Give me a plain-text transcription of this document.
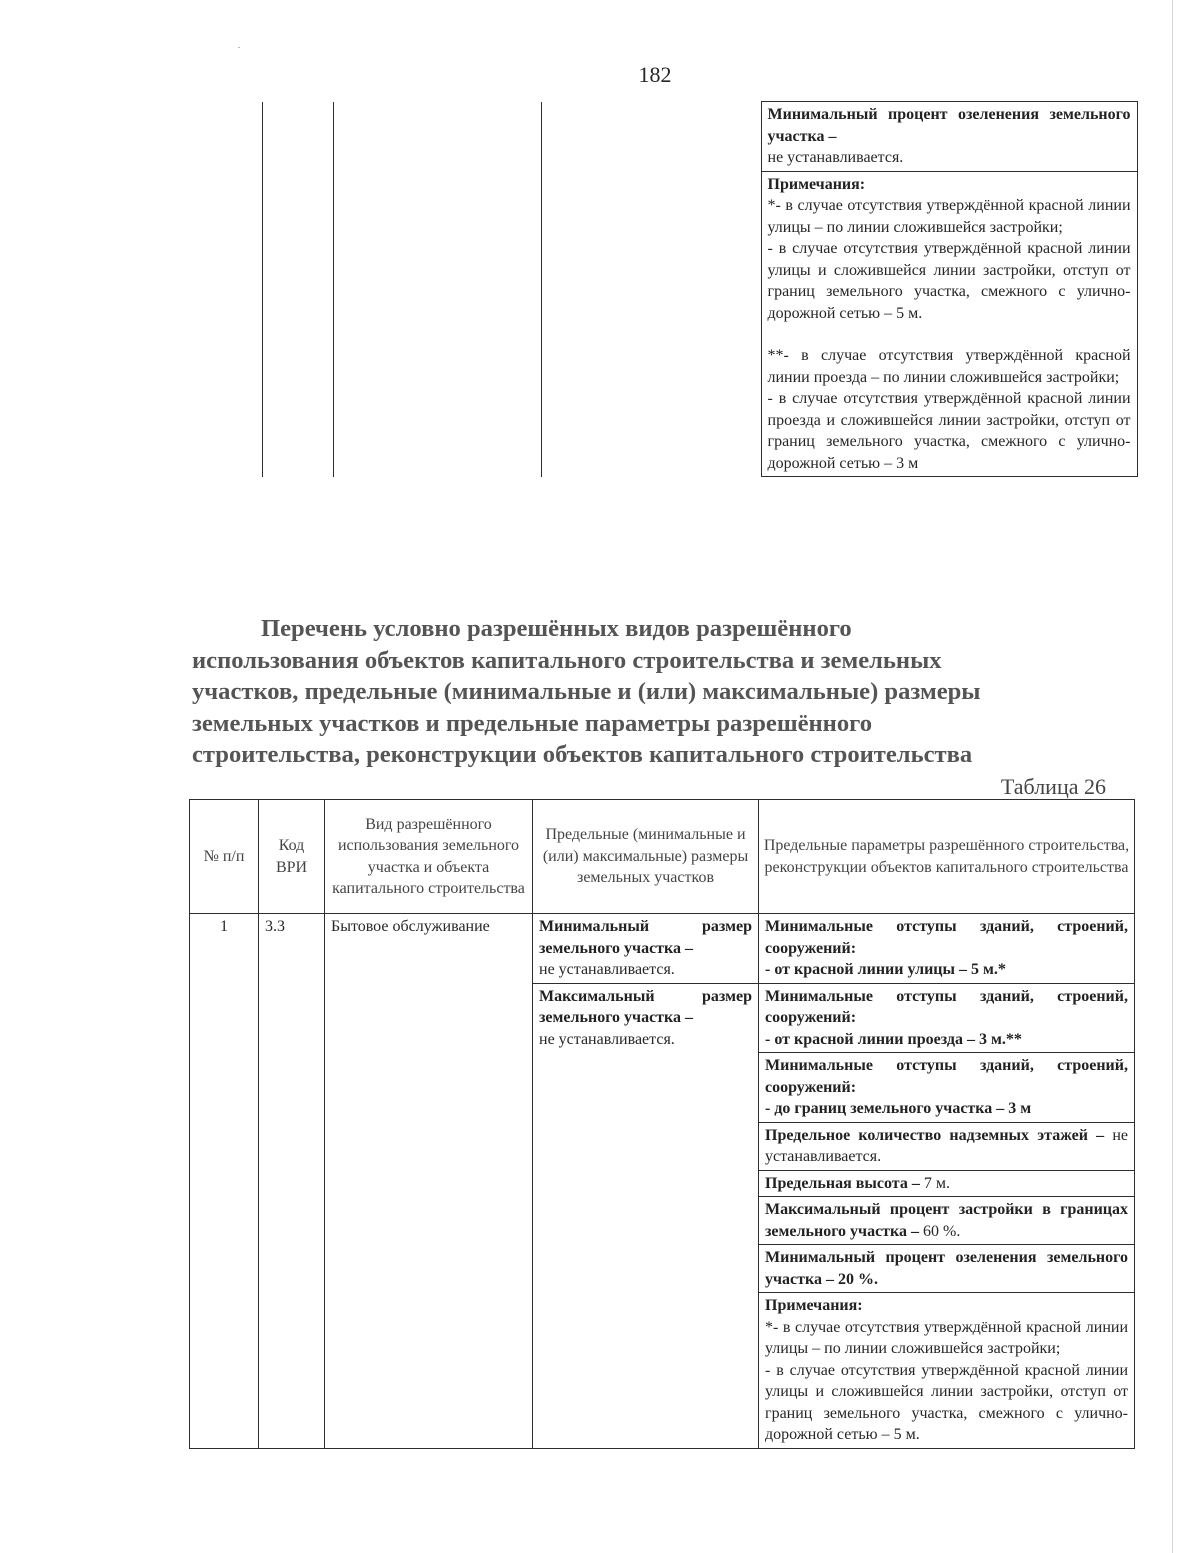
182
				Минимальный процент озеленения земельного участка –
не устанавливается.

Примечания:

*- в случае отсутствия утверждённой красной линии улицы – по линии сложившейся застройки;

- в случае отсутствия утверждённой красной линии улицы и сложившейся линии застройки, отступ от границ земельного участка, смежного с улично-дорожной сетью – 5 м.

**- в случае отсутствия утверждённой красной линии проезда – по линии сложившейся застройки;

- в случае отсутствия утверждённой красной линии проезда и сложившейся линии застройки, отступ от границ земельного участка, смежного с улично-дорожной сетью – 3 м

Перечень условно разрешённых видов разрешённого
использования объектов капитального строительства и земельных
участков, предельные (минимальные и (или) максимальные) размеры
земельных участков и предельные параметры разрешённого
строительства, реконструкции объектов капитального строительства
Таблица 26
№ п/п	Код ВРИ	Вид разрешённого использования земельного участка и объекта капитального строительства	Предельные (минимальные и (или) максимальные) размеры земельных участков	Предельные параметры разрешённого строительства, реконструкции объектов капитального строительства
1	3.3	Бытовое обслуживание	Минимальный размер земельного участка –
не устанавливается.	Минимальные отступы зданий, строений, сооружений:
- от красной линии улицы – 5 м.*
			Максимальный размер земельного участка –
не устанавливается.	Минимальные отступы зданий, строений, сооружений:
- от красной линии проезда – 3 м.**
				Минимальные отступы зданий, строений, сооружений:
- до границ земельного участка – 3 м
				Предельное количество надземных этажей – не устанавливается.
				Предельная высота – 7 м.
				Максимальный процент застройки в границах земельного участка – 60 %.
				Минимальный процент озеленения земельного участка – 20 %.

				Примечания:

*- в случае отсутствия утверждённой красной линии улицы – по линии сложившейся застройки;

- в случае отсутствия утверждённой красной линии улицы и сложившейся линии застройки, отступ от границ земельного участка, смежного с улично-дорожной сетью – 5 м.
